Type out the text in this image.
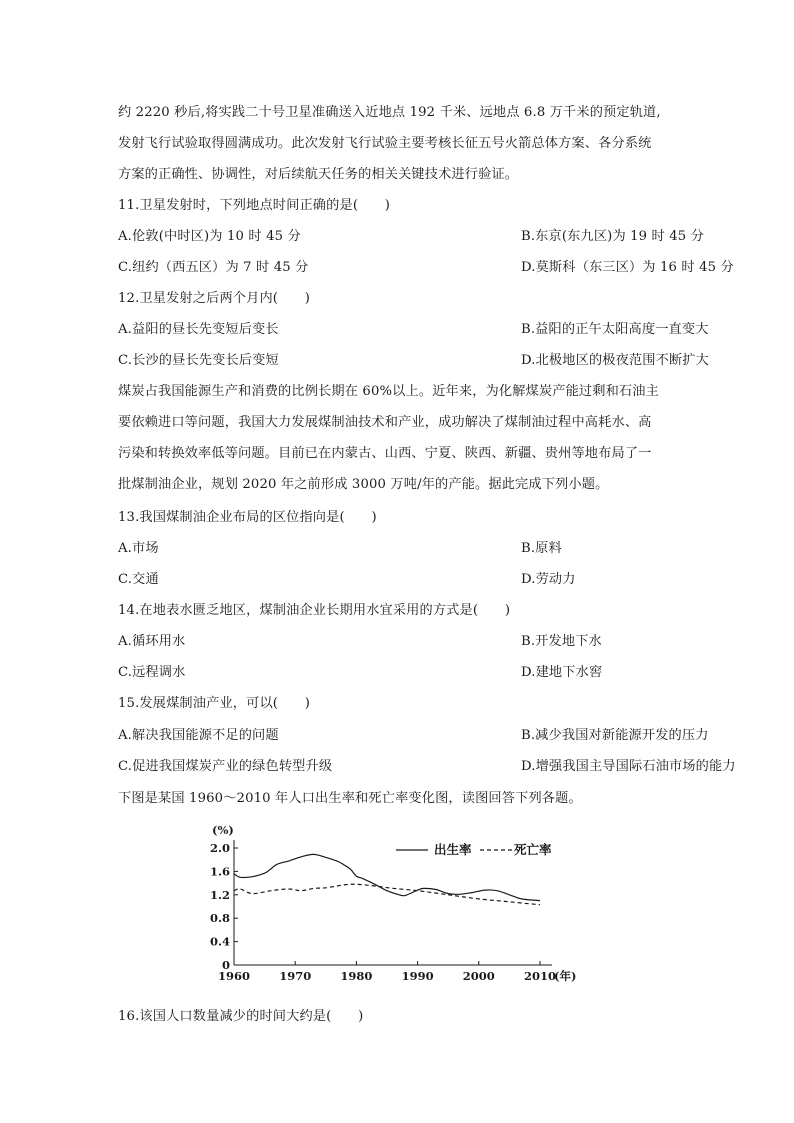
约 2220 秒后,将实践二十号卫星准确送入近地点 192 千米、远地点 6.8 万千米的预定轨道,
发射飞行试验取得圆满成功。此次发射飞行试验主要考核长征五号火箭总体方案、各分系统
方案的正确性、协调性，对后续航天任务的相关关键技术进行验证。
11.卫星发射时，下列地点时间正确的是(　　)
A.伦敦(中时区)为 10 时 45 分	B.东京(东九区)为 19 时 45 分
C.纽约（西五区）为 7 时 45 分	D.莫斯科（东三区）为 16 时 45 分
12.卫星发射之后两个月内(　　)
A.益阳的昼长先变短后变长	B.益阳的正午太阳高度一直变大
C.长沙的昼长先变长后变短	D.北极地区的极夜范围不断扩大
煤炭占我国能源生产和消费的比例长期在 60%以上。近年来，为化解煤炭产能过剩和石油主
要依赖进口等问题，我国大力发展煤制油技术和产业，成功解决了煤制油过程中高耗水、高
污染和转换效率低等问题。目前已在内蒙古、山西、宁夏、陕西、新疆、贵州等地布局了一
批煤制油企业，规划 2020 年之前形成 3000 万吨/年的产能。据此完成下列小题。
13.我国煤制油企业布局的区位指向是(　　)
A.市场	B.原料
C.交通	D.劳动力
14.在地表水匮乏地区，煤制油企业长期用水宜采用的方式是(　　)
A.循环用水	B.开发地下水
C.远程调水	D.建地下水窖
15.发展煤制油产业，可以(　　)
A.解决我国能源不足的问题	B.减少我国对新能源开发的压力
C.促进我国煤炭产业的绿色转型升级	D.增强我国主导国际石油市场的能力
下图是某国 1960～2010 年人口出生率和死亡率变化图，读图回答下列各题。
0
0.4
0.8
1.2
1.6
2.0
1960	1970	1980	1990	2000	2010
(%)
(年)
出生率	死亡率
16.该国人口数量减少的时间大约是(　　)
